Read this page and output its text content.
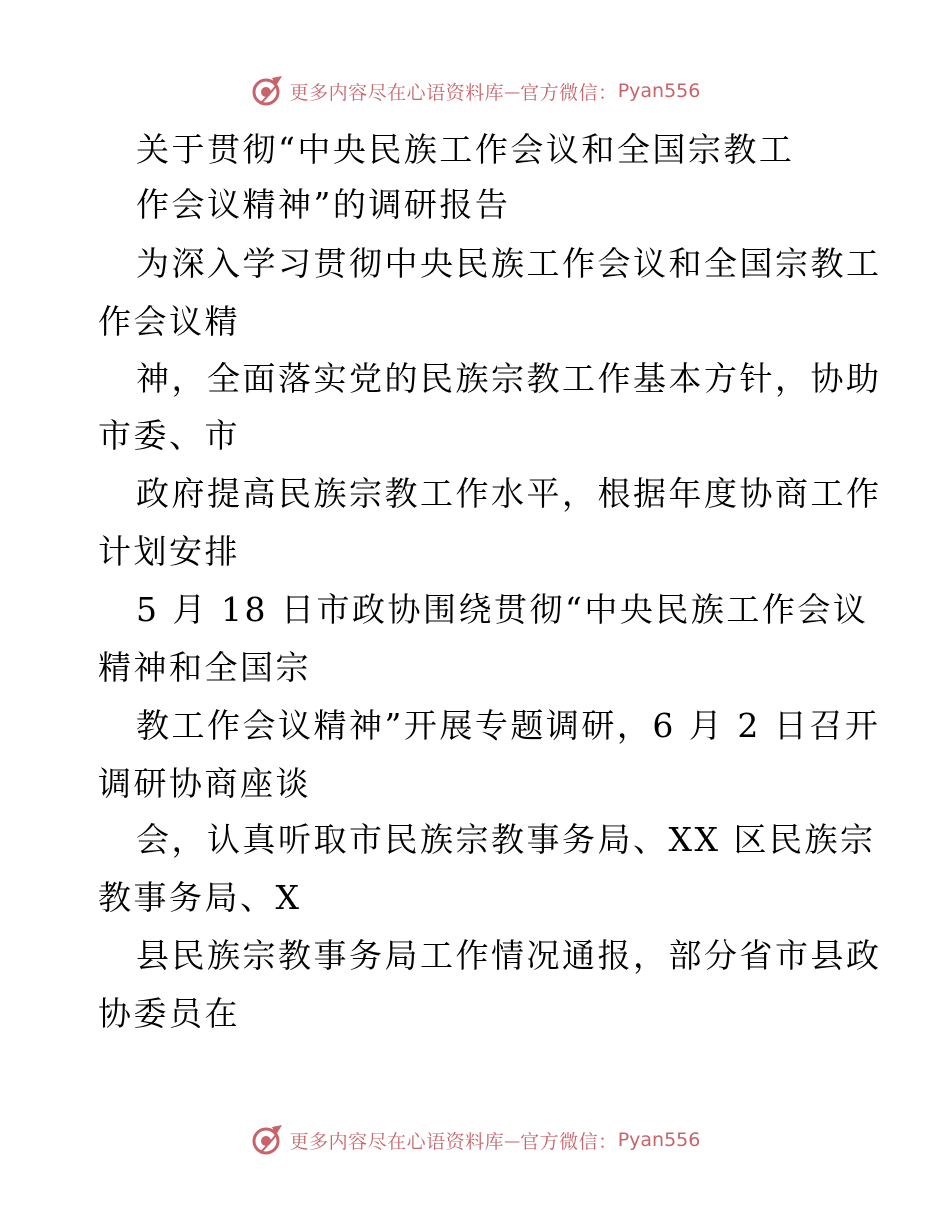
更多内容尽在心语资料库 — 官方微信： Pyan556
关于贯彻“中央民族工作会议和全国宗教工
作会议精神”的调研报告
为深入学习贯彻中央民族工作会议和全国宗教工
作会议精
神，全面落实党的民族宗教工作基本方针，协助
市委、市
政府提高民族宗教工作水平，根据年度协商工作
计划安排
5 月 18 日市政协围绕贯彻“中央民族工作会议
精神和全国宗
教工作会议精神”开展专题调研，6 月 2 日召开
调研协商座谈
会，认真听取市民族宗教事务局、XX 区民族宗
教事务局、X
县民族宗教事务局工作情况通报，部分省市县政
协委员在
更多内容尽在心语资料库 — 官方微信： Pyan556
